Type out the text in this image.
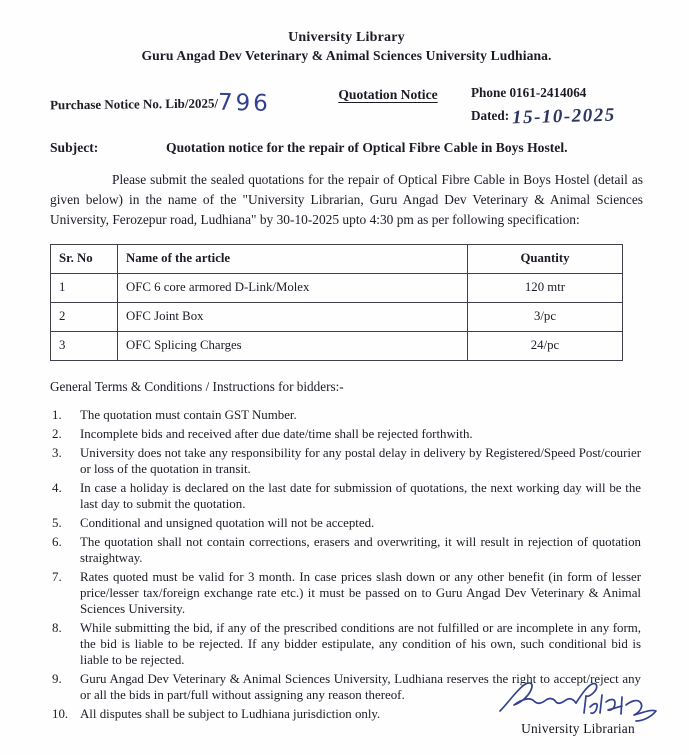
University Library
Guru Angad Dev Veterinary & Animal Sciences University Ludhiana.
Purchase Notice No. Lib/2025/796	Quotation Notice	Phone 0161-2414064
Dated: 15-10-2025
Subject:	Quotation notice for the repair of Optical Fibre Cable in Boys Hostel.

Please submit the sealed quotations for the repair of Optical Fibre Cable in Boys Hostel (detail as given below) in the name of the "University Librarian, Guru Angad Dev Veterinary & Animal Sciences University, Ferozepur road, Ludhiana" by 30-10-2025 upto 4:30 pm as per following specification:

Sr. No	Name of the article	Quantity
1	OFC 6 core armored D-Link/Molex	120 mtr
2	OFC Joint Box	3/pc
3	OFC Splicing Charges	24/pc
General Terms & Conditions / Instructions for bidders:-
1.	The quotation must contain GST Number.
2.	Incomplete bids and received after due date/time shall be rejected forthwith.
3.	University does not take any responsibility for any postal delay in delivery by Registered/Speed Post/courier or loss of the quotation in transit.
4.	In case a holiday is declared on the last date for submission of quotations, the next working day will be the last day to submit the quotation.
5.	Conditional and unsigned quotation will not be accepted.
6.	The quotation shall not contain corrections, erasers and overwriting, it will result in rejection of quotation straightway.
7.	Rates quoted must be valid for 3 month. In case prices slash down or any other benefit (in form of lesser price/lesser tax/foreign exchange rate etc.) it must be passed on to Guru Angad Dev Veterinary & Animal Sciences University.
8.	While submitting the bid, if any of the prescribed conditions are not fulfilled or are incomplete in any form, the bid is liable to be rejected. If any bidder estipulate, any condition of his own, such conditional bid is liable to be rejected.
9.	Guru Angad Dev Veterinary & Animal Sciences University, Ludhiana reserves the right to accept/reject any or all the bids in part/full without assigning any reason thereof.
10. All disputes shall be subject to Ludhiana jurisdiction only.
University Librarian
